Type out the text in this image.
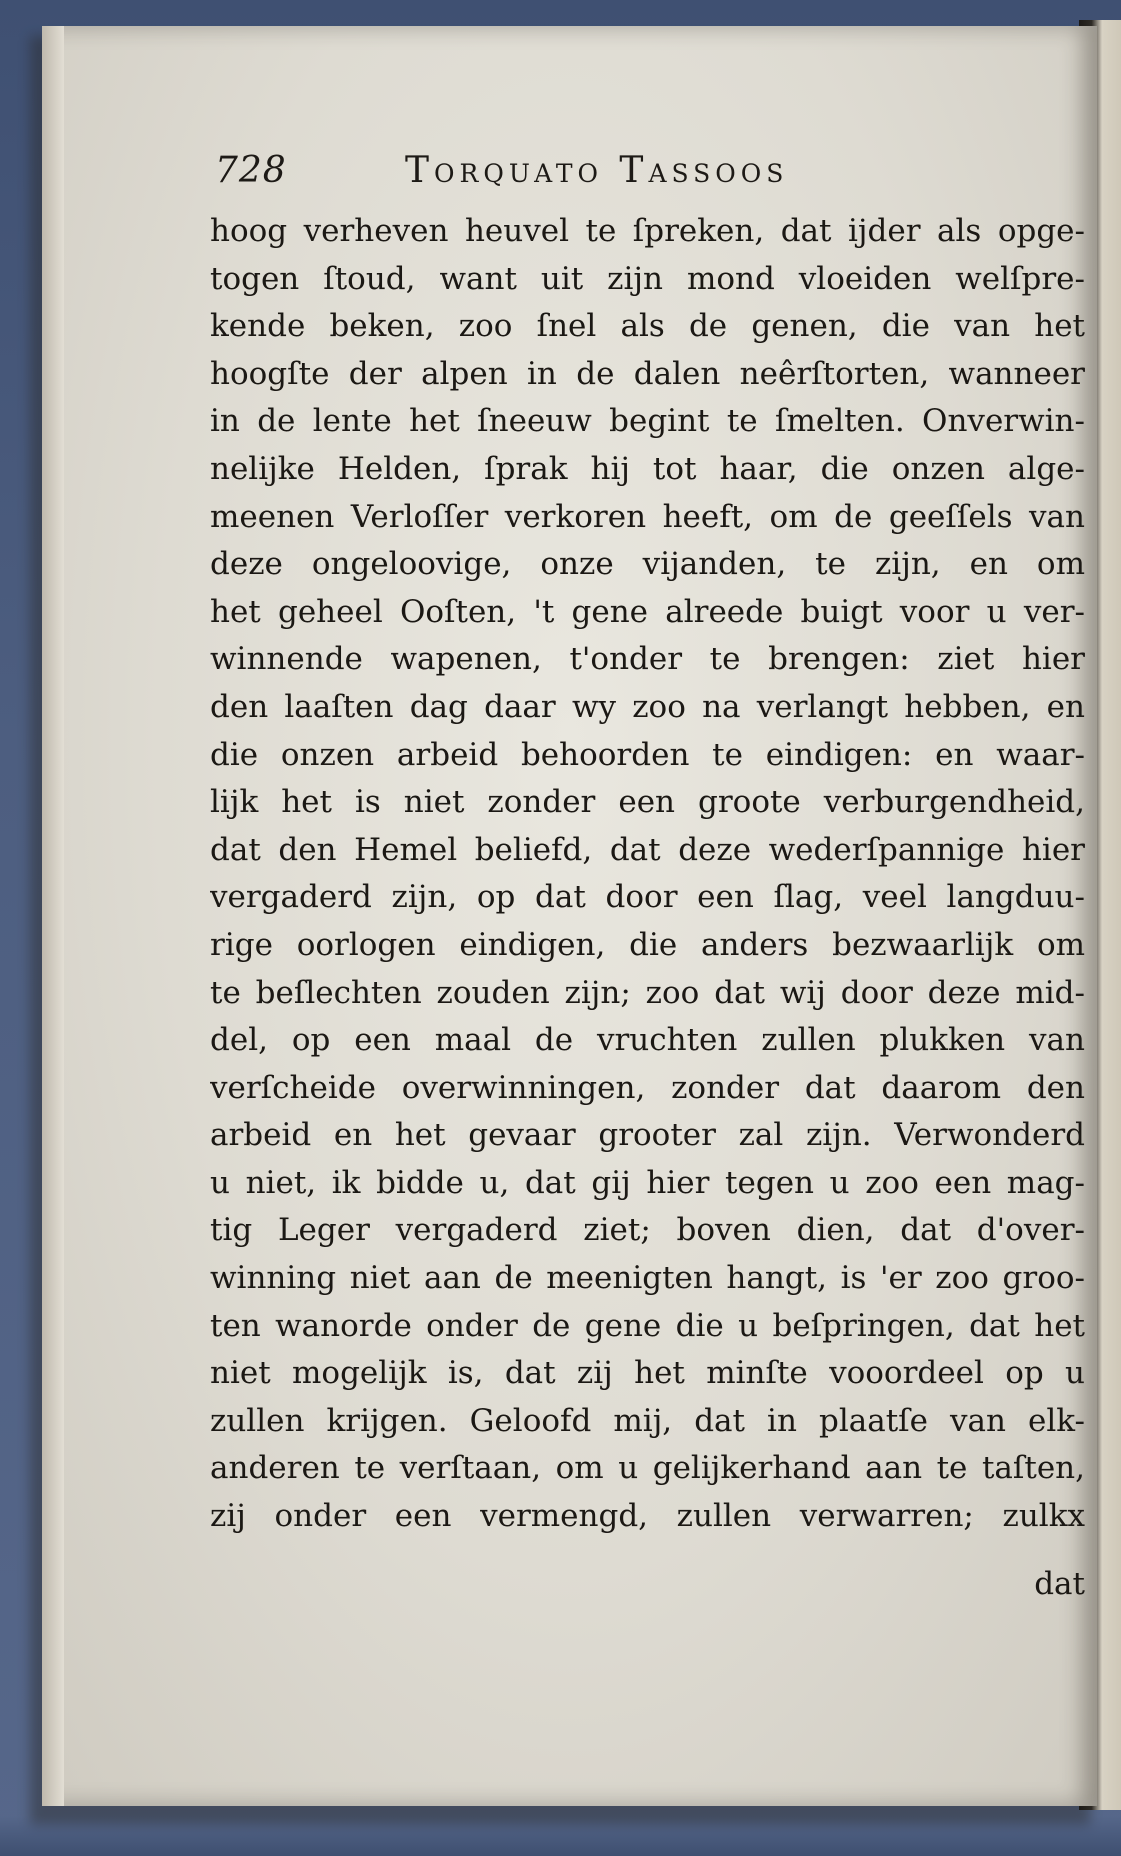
728	Torquato Tassoos
hoog verheven heuvel te ſpreken, dat ijder als opge-
togen ſtoud, want uit zijn mond vloeiden welſpre-
kende beken, zoo ſnel als de genen, die van het
hoogſte der alpen in de dalen neêrſtorten, wanneer
in de lente het ſneeuw begint te ſmelten. Onverwin-
nelijke Helden, ſprak hij tot haar, die onzen alge-
meenen Verloſſer verkoren heeft, om de geeſſels van
deze ongeloovige, onze vijanden, te zijn, en om
het geheel Ooſten, 't gene alreede buigt voor u ver-
winnende wapenen, t'onder te brengen: ziet hier
den laaſten dag daar wy zoo na verlangt hebben, en
die onzen arbeid behoorden te eindigen: en waar-
lijk het is niet zonder een groote verburgendheid,
dat den Hemel beliefd, dat deze wederſpannige hier
vergaderd zijn, op dat door een ſlag, veel langduu-
rige oorlogen eindigen, die anders bezwaarlijk om
te beſlechten zouden zijn; zoo dat wij door deze mid-
del, op een maal de vruchten zullen plukken van
verſcheide overwinningen, zonder dat daarom den
arbeid en het gevaar grooter zal zijn. Verwonderd
u niet, ik bidde u, dat gij hier tegen u zoo een mag-
tig Leger vergaderd ziet; boven dien, dat d'over-
winning niet aan de meenigten hangt, is 'er zoo groo-
ten wanorde onder de gene die u beſpringen, dat het
niet mogelijk is, dat zij het minſte vooordeel op u
zullen krijgen. Geloofd mij, dat in plaatſe van elk-
anderen te verſtaan, om u gelijkerhand aan te taſten,
zij onder een vermengd, zullen verwarren; zulkx
dat
